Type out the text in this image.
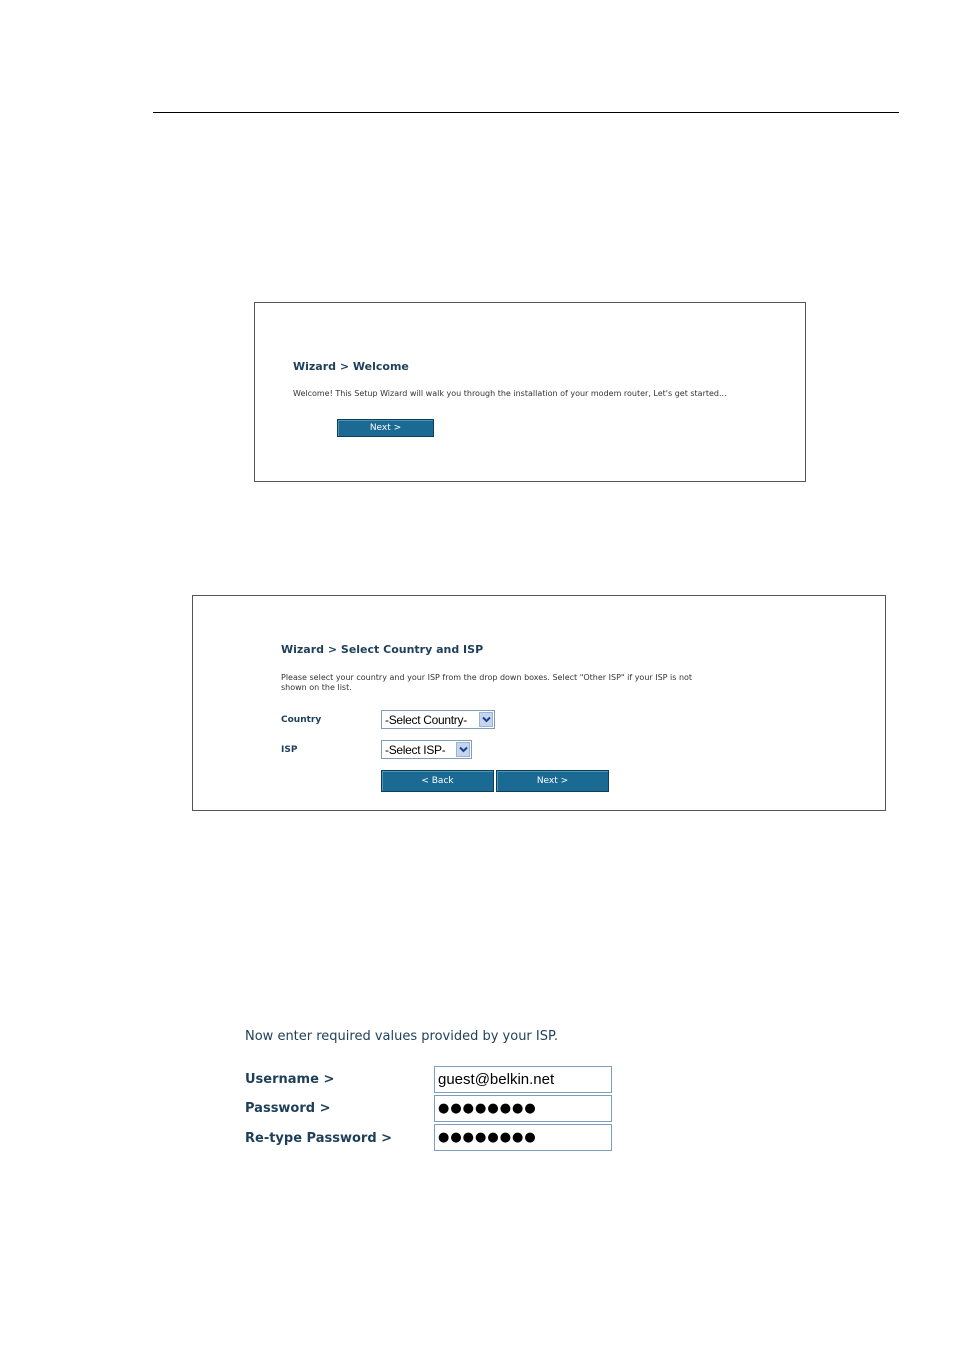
Wizard > Welcome
Welcome! This Setup Wizard will walk you through the installation of your modem router, Let's get started...
Next >
Wizard > Select Country and ISP
Please select your country and your ISP from the drop down boxes. Select "Other ISP" if your ISP is not
shown on the list.
Country	-Select Country-
ISP	-Select ISP-
< Back	Next >
Now enter required values provided by your ISP.
Username >	guest@belkin.net
Password >	●●●●●●●●
Re-type Password >	●●●●●●●●
